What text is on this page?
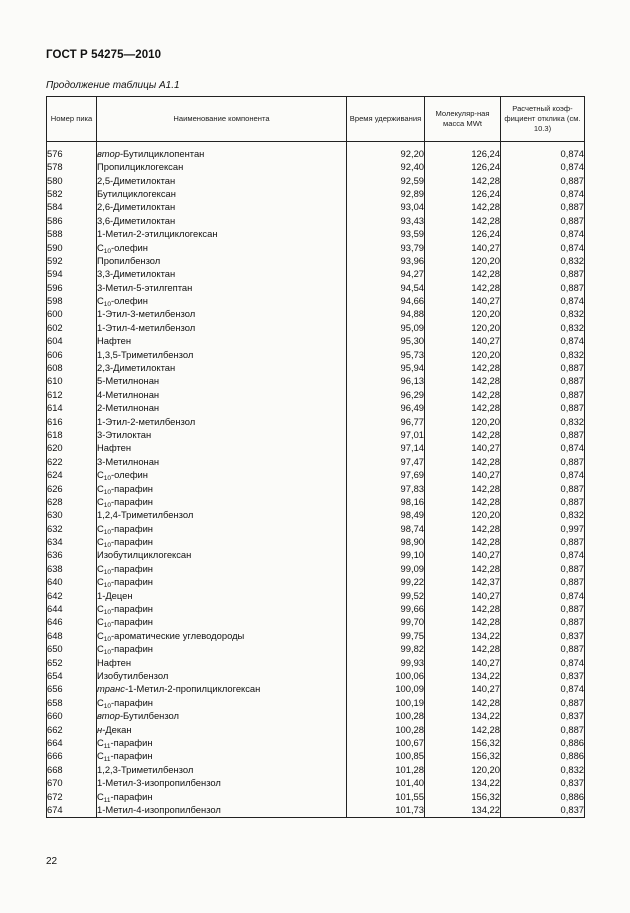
ГОСТ Р 54275—2010
Продолжение таблицы А1.1
Номер пика	Наименование компонента	Время удерживания	Молекуляр-ная масса MWt	Расчетный коэф-фициент отклика (см. 10.3)

576	втор-Бутилциклопентан	92,20	126,24	0,874
578	Пропилциклогексан	92,40	126,24	0,874
580	2,5-Диметилоктан	92,59	142,28	0,887
582	Бутилциклогексан	92,89	126,24	0,874
584	2,6-Диметилоктан	93,04	142,28	0,887
586	3,6-Диметилоктан	93,43	142,28	0,887
588	1-Метил-2-этилциклогексан	93,59	126,24	0,874
590	$С_{10}$-олефин	93,79	140,27	0,874
592	Пропилбензол	93,96	120,20	0,832
594	3,3-Диметилоктан	94,27	142,28	0,887
596	3-Метил-5-этилгептан	94,54	142,28	0,887
598	$С_{10}$-олефин	94,66	140,27	0,874
600	1-Этил-3-метилбензол	94,88	120,20	0,832
602	1-Этил-4-метилбензол	95,09	120,20	0,832
604	Нафтен	95,30	140,27	0,874
606	1,3,5-Триметилбензол	95,73	120,20	0,832
608	2,3-Диметилоктан	95,94	142,28	0,887
610	5-Метилнонан	96,13	142,28	0,887
612	4-Метилнонан	96,29	142,28	0,887
614	2-Метилнонан	96,49	142,28	0,887
616	1-Этил-2-метилбензол	96,77	120,20	0,832
618	3-Этилоктан	97,01	142,28	0,887
620	Нафтен	97,14	140,27	0,874
622	3-Метилнонан	97,47	142,28	0,887
624	$С_{10}$-олефин	97,69	140,27	0,874
626	$С_{10}$-парафин	97,83	142,28	0,887
628	$С_{10}$-парафин	98,16	142,28	0,887
630	1,2,4-Триметилбензол	98,49	120,20	0,832
632	$С_{10}$-парафин	98,74	142,28	0,997
634	$С_{10}$-парафин	98,90	142,28	0,887
636	Изобутилциклогексан	99,10	140,27	0,874
638	$С_{10}$-парафин	99,09	142,28	0,887
640	$С_{10}$-парафин	99,22	142,37	0,887
642	1-Децен	99,52	140,27	0,874
644	$С_{10}$-парафин	99,66	142,28	0,887
646	$С_{10}$-парафин	99,70	142,28	0,887
648	$С_{10}$-ароматические углеводороды	99,75	134,22	0,837
650	$С_{10}$-парафин	99,82	142,28	0,887
652	Нафтен	99,93	140,27	0,874
654	Изобутилбензол	100,06	134,22	0,837
656	транс-1-Метил-2-пропилциклогексан	100,09	140,27	0,874
658	$С_{10}$-парафин	100,19	142,28	0,887
660	втор-Бутилбензол	100,28	134,22	0,837
662	н-Декан	100,28	142,28	0,887
664	$С_{11}$-парафин	100,67	156,32	0,886
666	$С_{11}$-парафин	100,85	156,32	0,886
668	1,2,3-Триметилбензол	101,28	120,20	0,832
670	1-Метил-3-изопропилбензол	101,40	134,22	0,837
672	$С_{11}$-парафин	101,55	156,32	0,886
674	1-Метил-4-изопропилбензол	101,73	134,22	0,837
22
